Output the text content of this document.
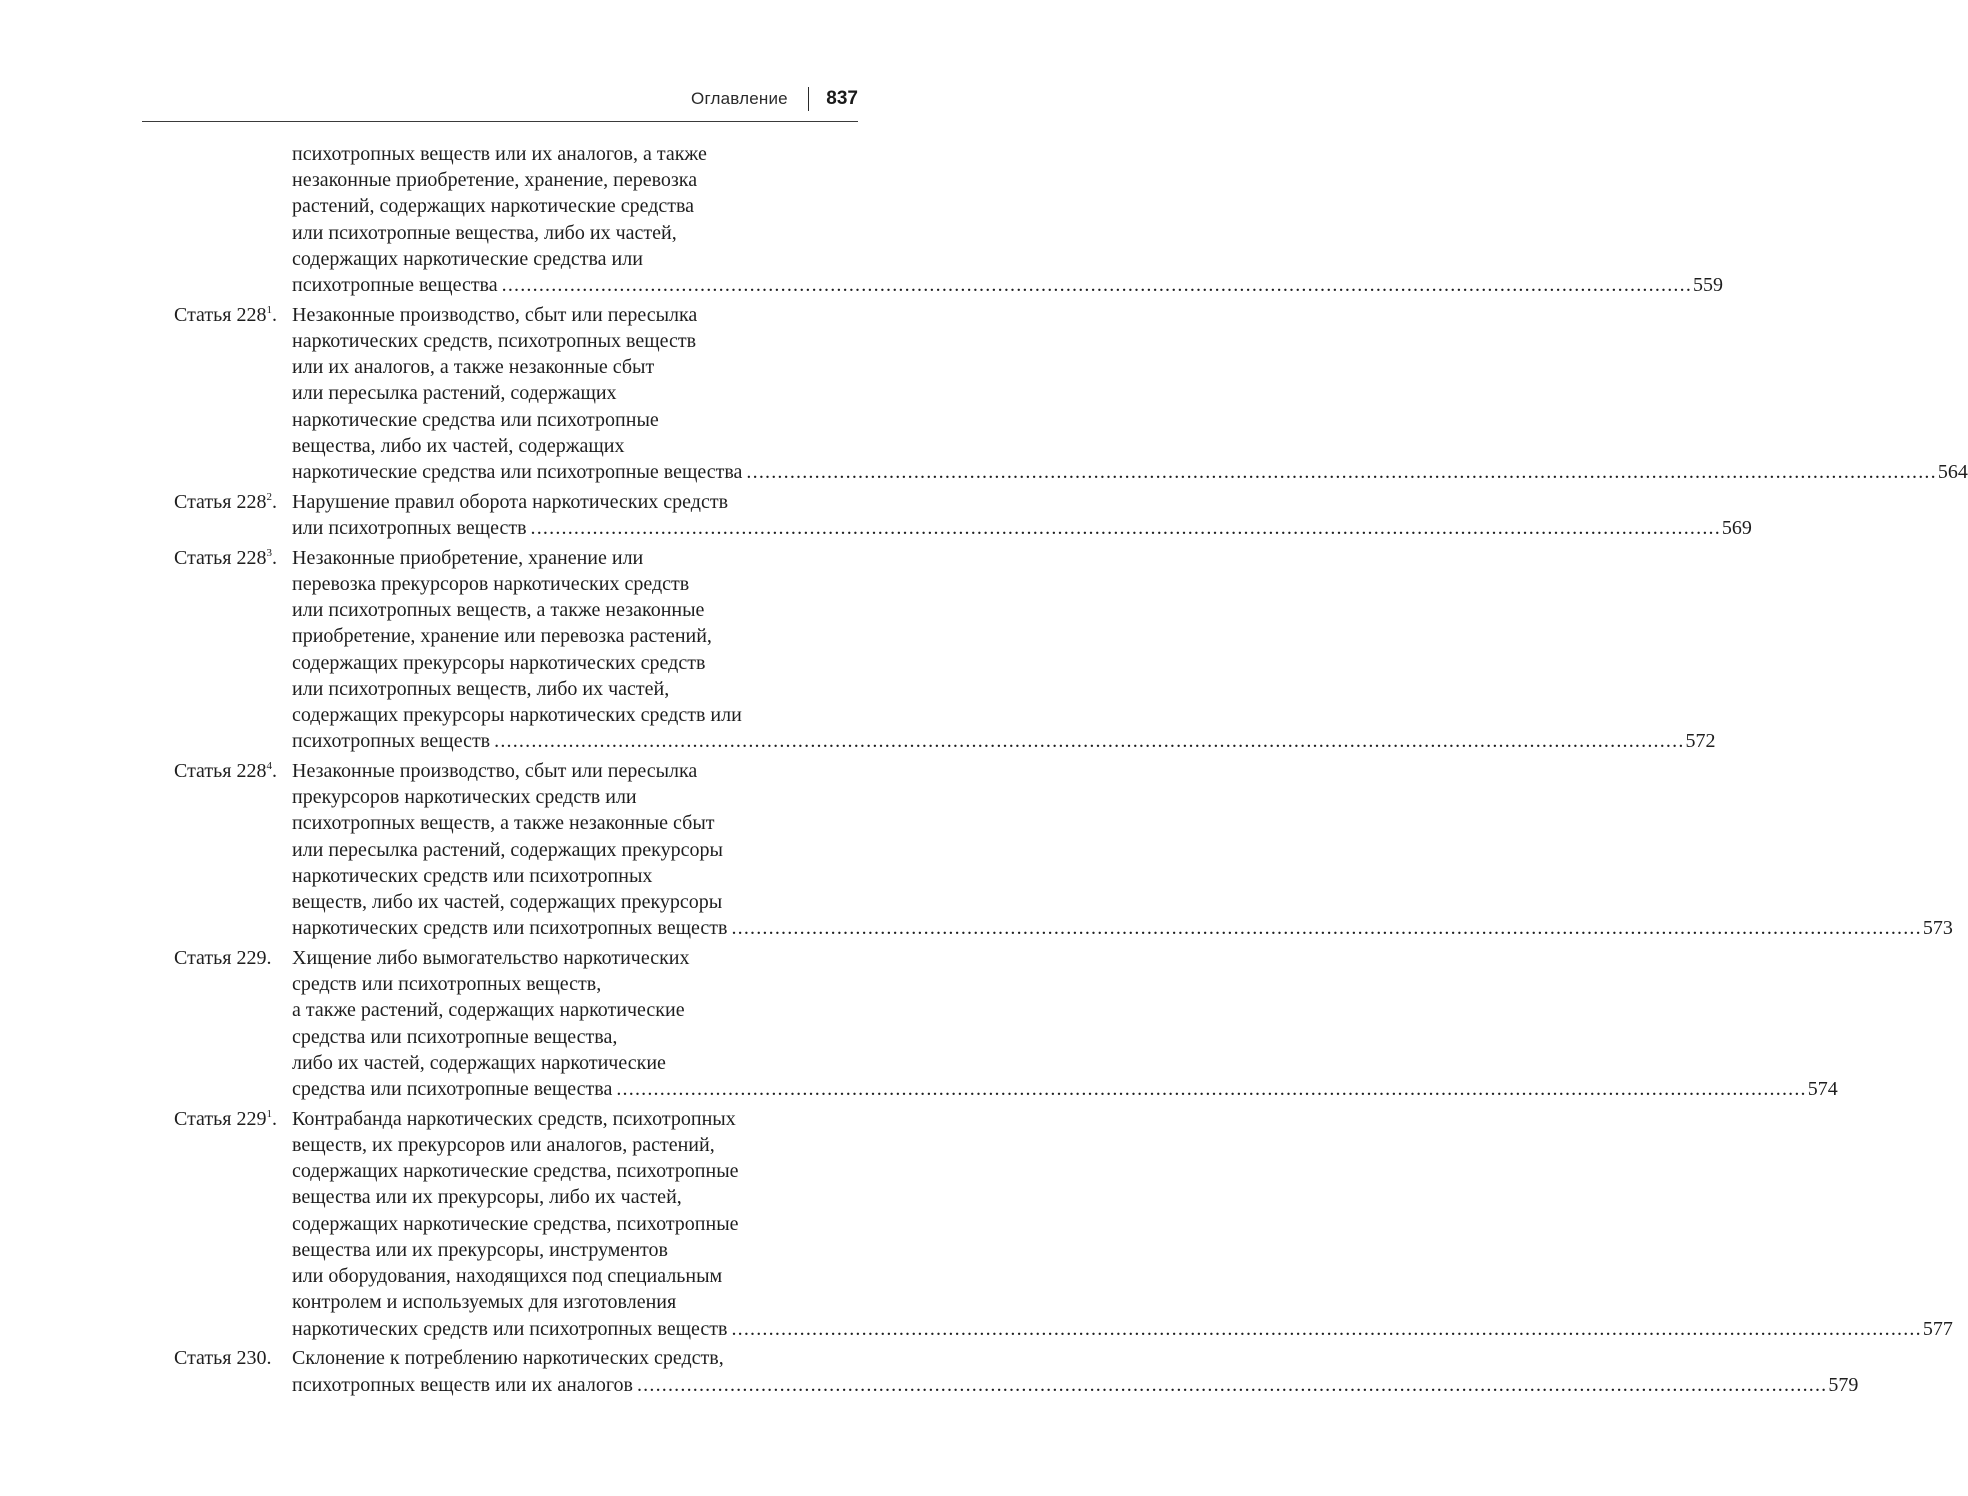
Оглавление 837
психотропных веществ или их аналогов, а также
незаконные приобретение, хранение, перевозка
растений, содержащих наркотические средства
или психотропные вещества, либо их частей,
содержащих наркотические средства или
психотропные вещества .....	559
Статья $228^1$. Незаконные производство, сбыт или пересылка
наркотических средств, психотропных веществ
или их аналогов, а также незаконные сбыт
или пересылка растений, содержащих
наркотические средства или психотропные
вещества, либо их частей, содержащих
наркотические средства или психотропные вещества .....	564
Статья $228^2$. Нарушение правил оборота наркотических средств
или психотропных веществ .....	569
Статья $228^3$. Незаконные приобретение, хранение или
перевозка прекурсоров наркотических средств
или психотропных веществ, а также незаконные
приобретение, хранение или перевозка растений,
содержащих прекурсоры наркотических средств
или психотропных веществ, либо их частей,
содержащих прекурсоры наркотических средств или
психотропных веществ .....	572
Статья $228^4$. Незаконные производство, сбыт или пересылка
прекурсоров наркотических средств или
психотропных веществ, а также незаконные сбыт
или пересылка растений, содержащих прекурсоры
наркотических средств или психотропных
веществ, либо их частей, содержащих прекурсоры
наркотических средств или психотропных веществ .....	573
Статья 229.	Хищение либо вымогательство наркотических
средств или психотропных веществ,
а также растений, содержащих наркотические
средства или психотропные вещества,
либо их частей, содержащих наркотические
средства или психотропные вещества .....	574
Статья $229^1$. Контрабанда наркотических средств, психотропных
веществ, их прекурсоров или аналогов, растений,
содержащих наркотические средства, психотропные
вещества или их прекурсоры, либо их частей,
содержащих наркотические средства, психотропные
вещества или их прекурсоры, инструментов
или оборудования, находящихся под специальным
контролем и используемых для изготовления
наркотических средств или психотропных веществ .....	577
Статья 230.	Склонение к потреблению наркотических средств,
психотропных веществ или их аналогов .....	579
